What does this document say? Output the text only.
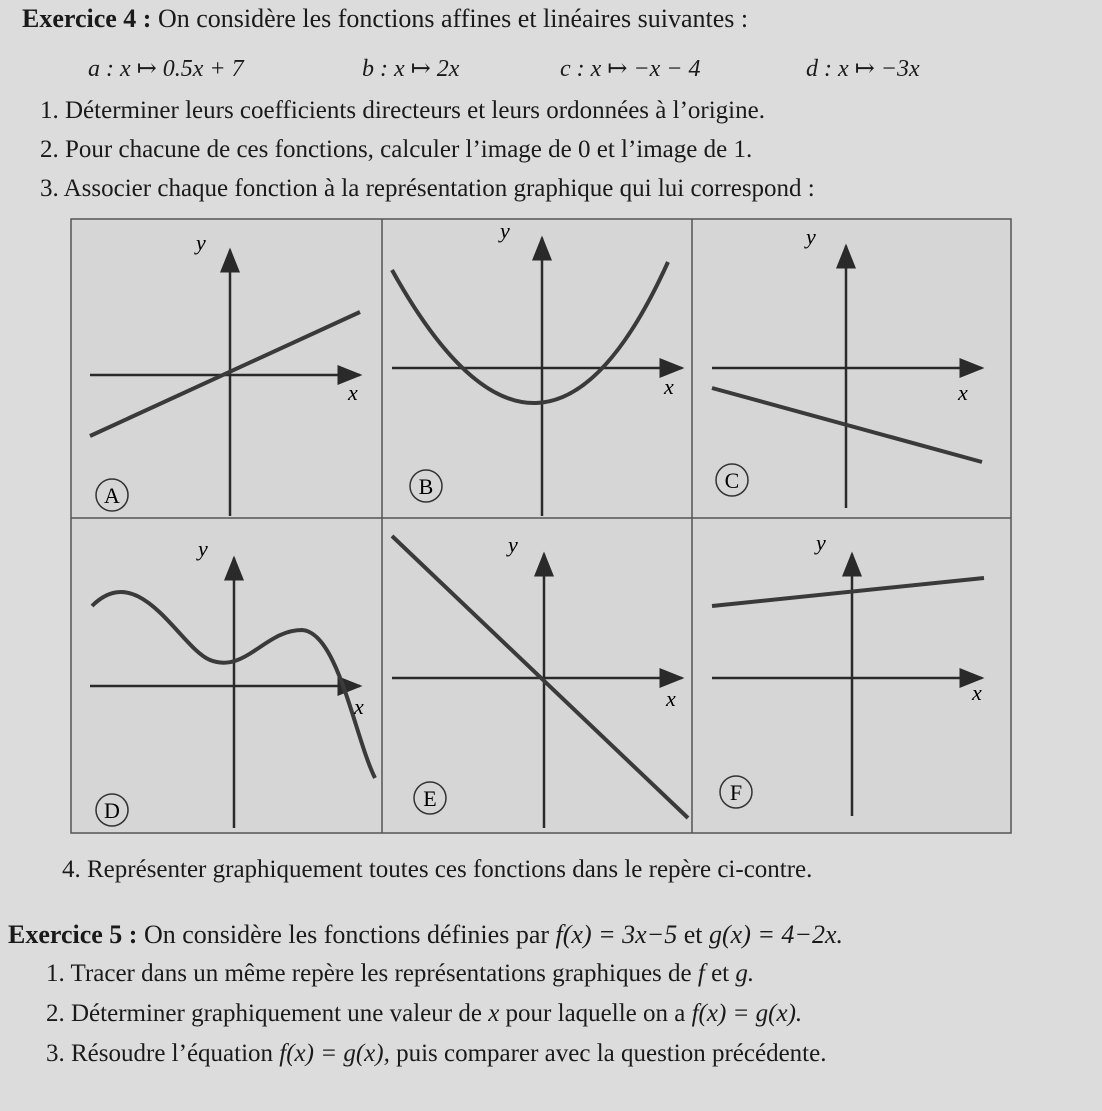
Exercice 4 : On considère les fonctions affines et linéaires suivantes :
a : x ↦ 0.5x + 7	b : x ↦ 2x	c : x ↦ −x − 4	d : x ↦ −3x
1. Déterminer leurs coefficients directeurs et leurs ordonnées à l’origine.
2. Pour chacune de ces fonctions, calculer l’image de 0 et l’image de 1.
3. Associer chaque fonction à la représentation graphique qui lui correspond :
x
y
A
x
y
B
x
y
C
x
y
D
x
y
E
x
y
F
4. Représenter graphiquement toutes ces fonctions dans le repère ci-contre.
Exercice 5 : On considère les fonctions définies par f(x) = 3x−5 et g(x) = 4−2x.
1. Tracer dans un même repère les représentations graphiques de f et g.
2. Déterminer graphiquement une valeur de x pour laquelle on a f(x) = g(x).
3. Résoudre l’équation f(x) = g(x), puis comparer avec la question précédente.
